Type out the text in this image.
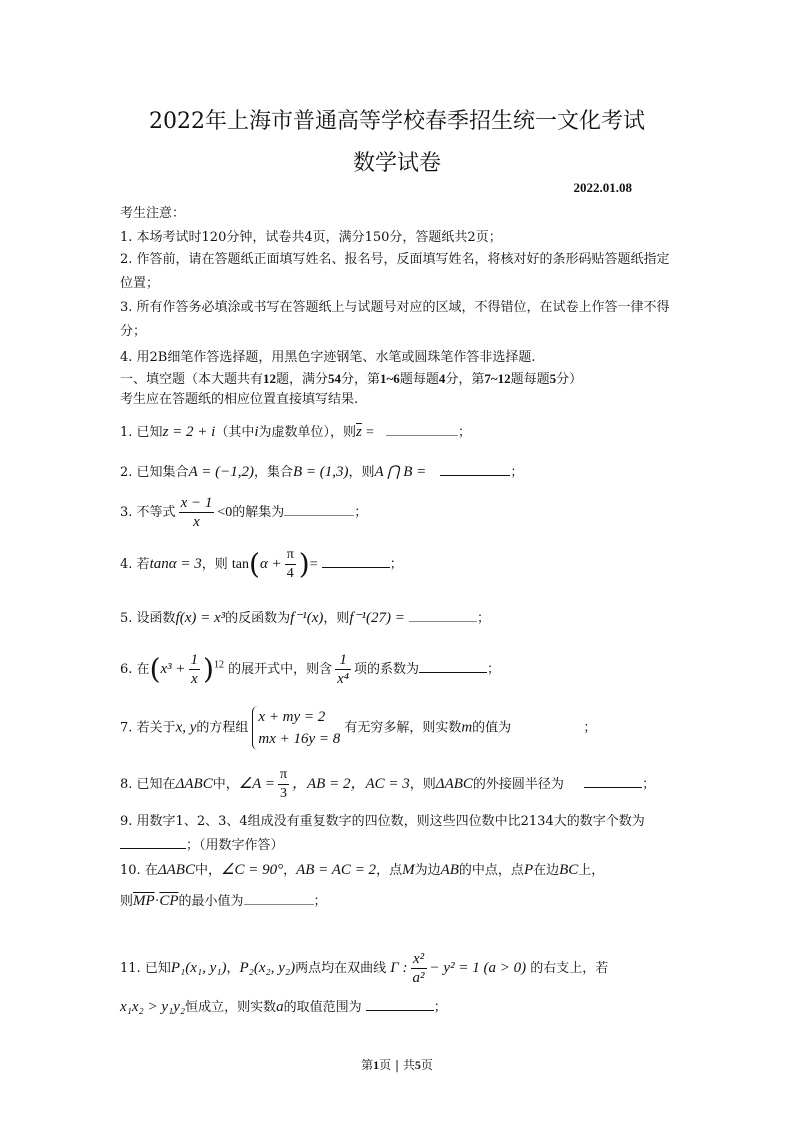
2022年上海市普通高等学校春季招生统一文化考试
数学试卷
2022.01.08
考生注意：
1. 本场考试时120分钟，试卷共4页，满分150分，答题纸共2页；
2. 作答前，请在答题纸正面填写姓名、报名号，反面填写姓名，将核对好的条形码贴答题纸指定位置；
3. 所有作答务必填涂或书写在答题纸上与试题号对应的区域，不得错位，在试卷上作答一律不得分；
4. 用2B细笔作答选择题，用黑色字迹钢笔、水笔或圆珠笔作答非选择题.
一、填空题（本大题共有12题，满分54分，第1~6题每题4分，第7~12题每题5分）
考生应在答题纸的相应位置直接填写结果.
1. 已知z = 2 + i（其中i为虚数单位），则$\overline{z}$ =	；
2. 已知集合A = (−1,2)，集合B = (1,3)，则A ⋂ B =	；
3. 不等式 $\frac{x - 1}{x} <0$的解集为	；
4. 若tanα = 3，则 $\tan(\alpha + \frac{\pi}{4}$ )=	；
5. 设函数f(x) = x³的反函数为f⁻¹(x)，则f⁻¹(27) =	；
6. 在$(x^3 + \frac{1}{x} )^{12}$ 的展开式中，则含 $\frac{1}{\text{x⁴}}$ 项的系数为	；
7. 若关于x, y的方程组
x + my = 2
mx + 16y = 8
有无穷多解，则实数m的值为	；
8. 已知在ΔABC中，∠A = $\frac{\pi}{3}$ ，AB = 2，AC = 3，则ΔABC的外接圆半径为	；
9. 用数字1、2、3、4组成没有重复数字的四位数，则这些四位数中比2134大的数字个数为；（用数字作答）
10. 在ΔABC中，∠C = 90°，AB = AC = 2，点M为边AB的中点，点P在边BC上，
则$\overline{MP}\cdot\overline{CP}$的最小值为	；
11. 已知P₁(x₁, y₁)，P₂(x₂, y₂)两点均在双曲线 Γ : $\frac{\text{x²}}{\text{a²}} - y^2 = 1$ (a > 0) 的右支上，若
x₁x₂ > y₁y₂恒成立，则实数a的取值范围为	；
第1页 | 共5页
